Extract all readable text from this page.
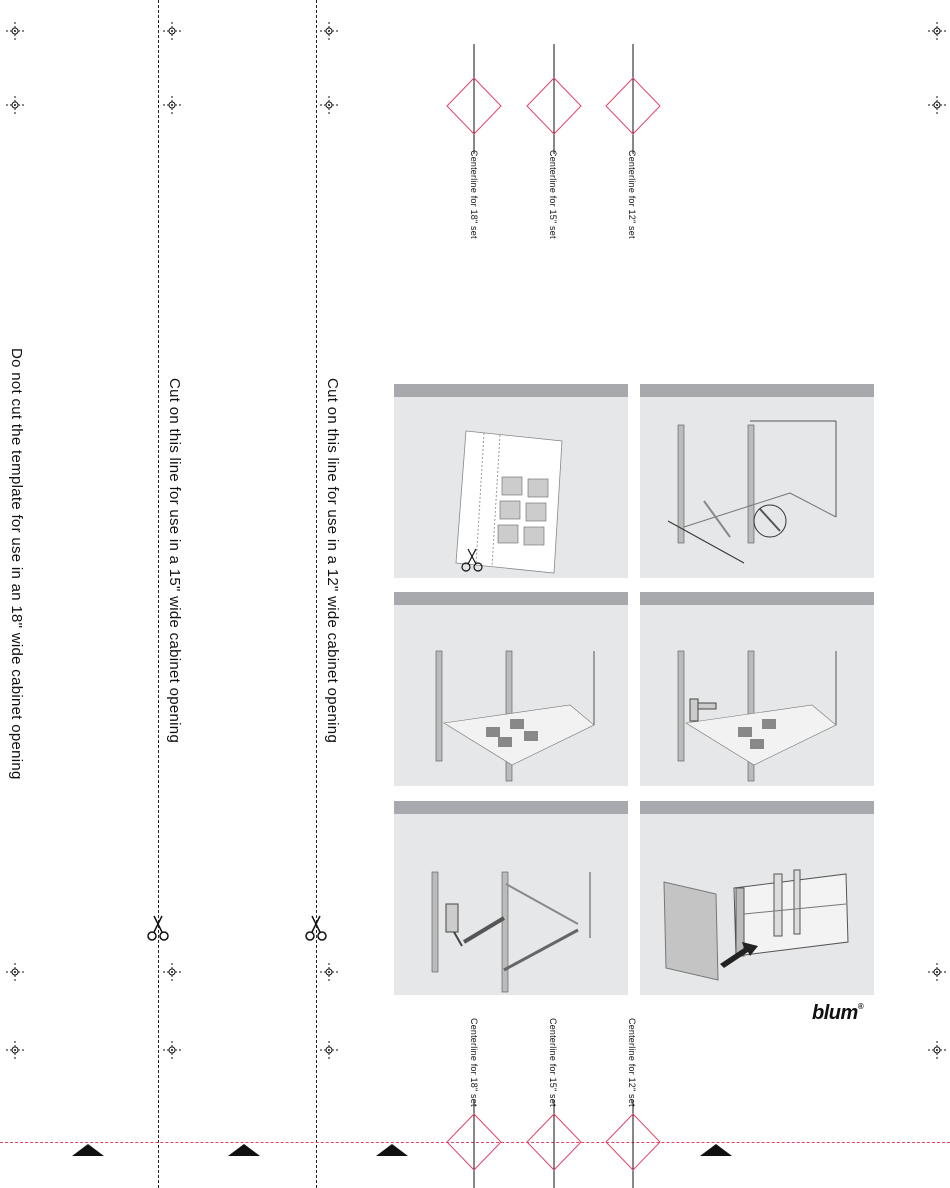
Do not cut the template for use in an 18" wide cabinet opening	Cut on this line for use in a 15" wide cabinet opening	Cut on this line for use in a 12" wide cabinet opening
Centerline for 18" set	Centerline for 15" set	Centerline for 12" set
Centerline for 18" set	Centerline for 15" set	Centerline for 12" set
blum®
